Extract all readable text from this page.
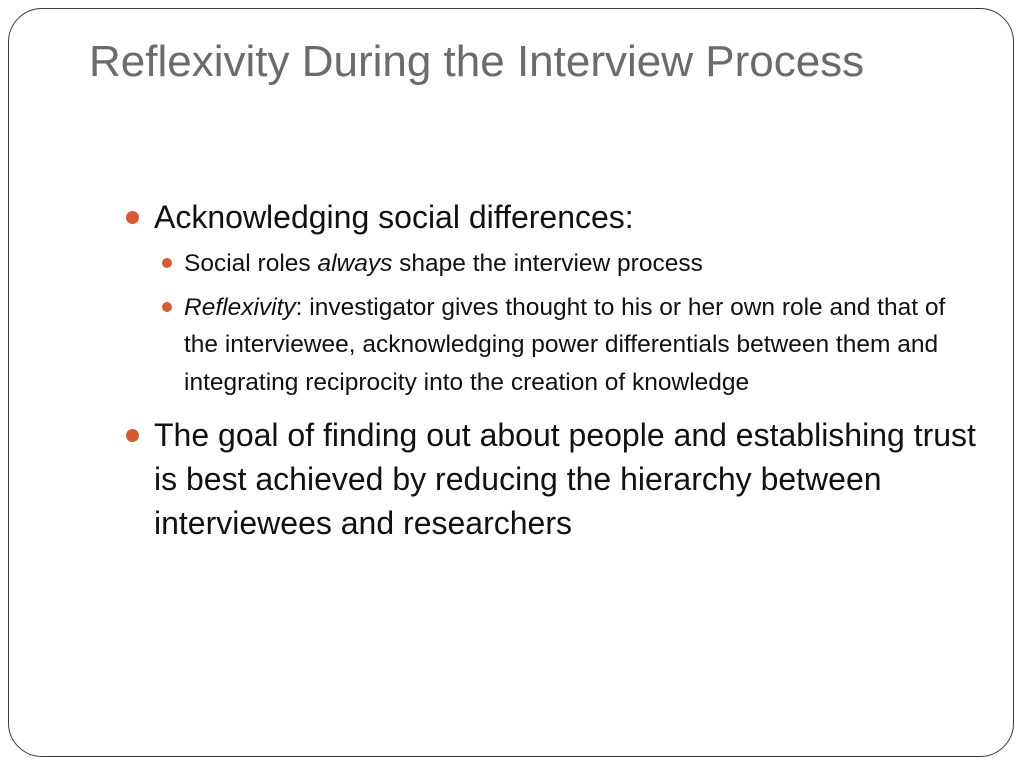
Reflexivity During the Interview Process
Acknowledging social differences:
Social roles always shape the interview process
Reflexivity: investigator gives thought to his or her own role and that of the interviewee, acknowledging power differentials between them and integrating reciprocity into the creation of knowledge
The goal of finding out about people and establishing trust is best achieved by reducing the hierarchy between interviewees and researchers
